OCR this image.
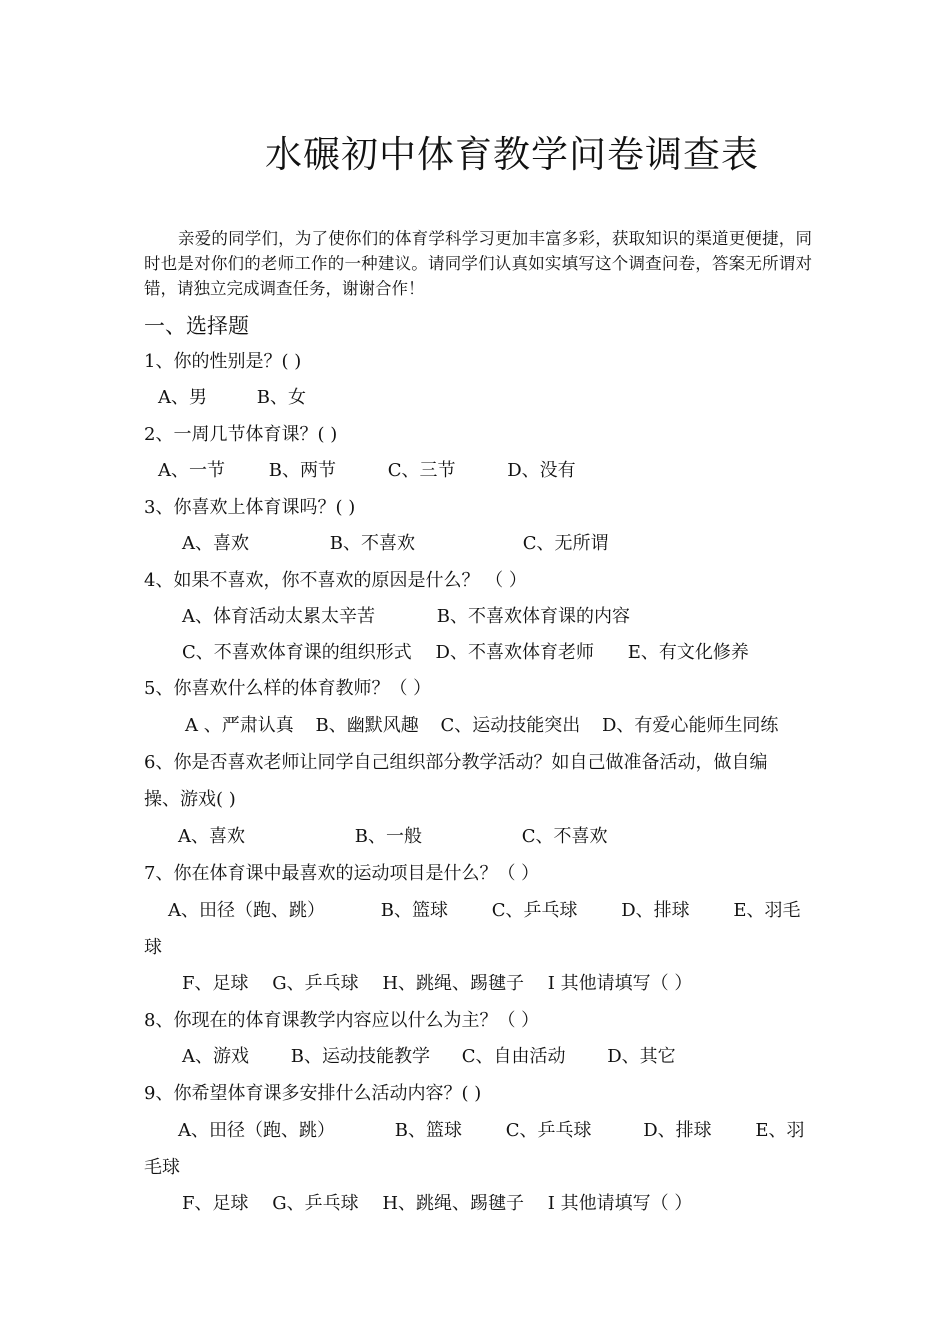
水碾初中体育教学问卷调查表
亲爱的同学们，为了使你们的体育学科学习更加丰富多彩，获取知识的渠道更便捷，同时也是对你们的老师工作的一种建议。请同学们认真如实填写这个调查问卷，答案无所谓对错，请独立完成调查任务，谢谢合作！
一、选择题
1、你的性别是？( )
A、男	B、女
2、一周几节体育课？( )
A、一节 B、两节	C、三节	D、没有
3、你喜欢上体育课吗？( )
A、喜欢	B、不喜欢	C、无所谓
4、如果不喜欢，你不喜欢的原因是什么？ （ ）
A、体育活动太累太辛苦	B、不喜欢体育课的内容
C、不喜欢体育课的组织形式 D、不喜欢体育老师 E、有文化修养
5、你喜欢什么样的体育教师？（ ）
A 、严肃认真 B、幽默风趣 C、运动技能突出 D、有爱心能师生同练
6、你是否喜欢老师让同学自己组织部分教学活动？如自己做准备活动，做自编
操、游戏( )
A、喜欢	B、一般	C、不喜欢
7、你在体育课中最喜欢的运动项目是什么？（ ）
A、田径（跑、跳）	B、篮球 C、乒乓球 D、排球 E、羽毛
球
F、足球 G、乒乓球 H、跳绳、踢毽子 I 其他请填写（ ）
8、你现在的体育课教学内容应以什么为主？（ ）
A、游戏 B、运动技能教学 C、自由活动 D、其它
9、你希望体育课多安排什么活动内容？( )
A、田径（跑、跳）	B、篮球 C、乒乓球	D、排球 E、羽
毛球
F、足球 G、乒乓球 H、跳绳、踢毽子 I 其他请填写（ ）
